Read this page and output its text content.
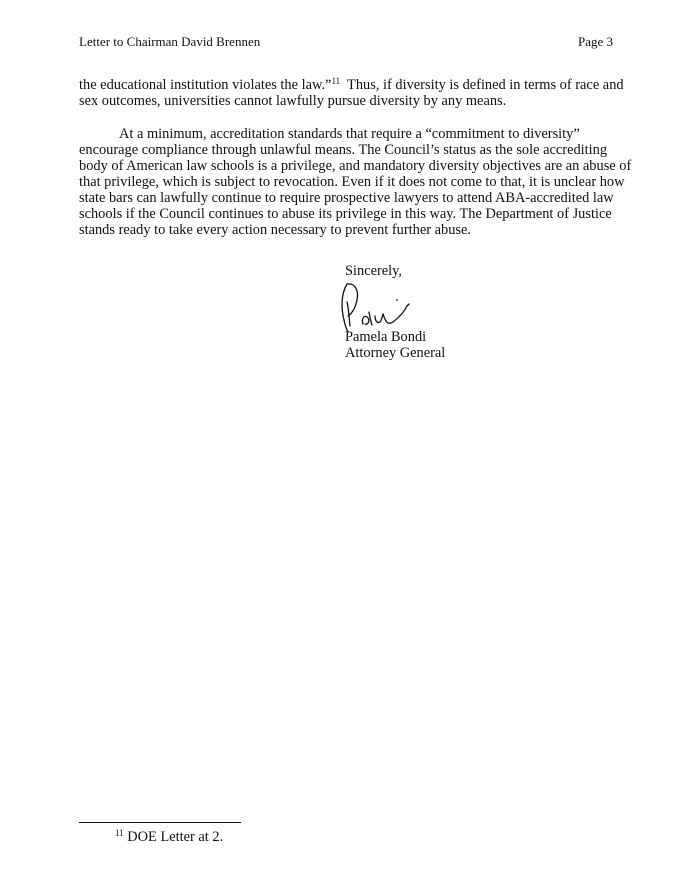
Letter to Chairman David Brennen	Page 3

the educational institution violates the law.”$^{11}$  Thus, if diversity is defined in terms of race and
sex outcomes, universities cannot lawfully pursue diversity by any means.

At a minimum, accreditation standards that require a “commitment to diversity”
encourage compliance through unlawful means. The Council’s status as the sole accrediting
body of American law schools is a privilege, and mandatory diversity objectives are an abuse of
that privilege, which is subject to revocation. Even if it does not come to that, it is unclear how
state bars can lawfully continue to require prospective lawyers to attend ABA-accredited law
schools if the Council continues to abuse its privilege in this way. The Department of Justice
stands ready to take every action necessary to prevent further abuse.

Sincerely,
Pamela Bondi
Attorney General
$^{11}$ DOE Letter at 2.
